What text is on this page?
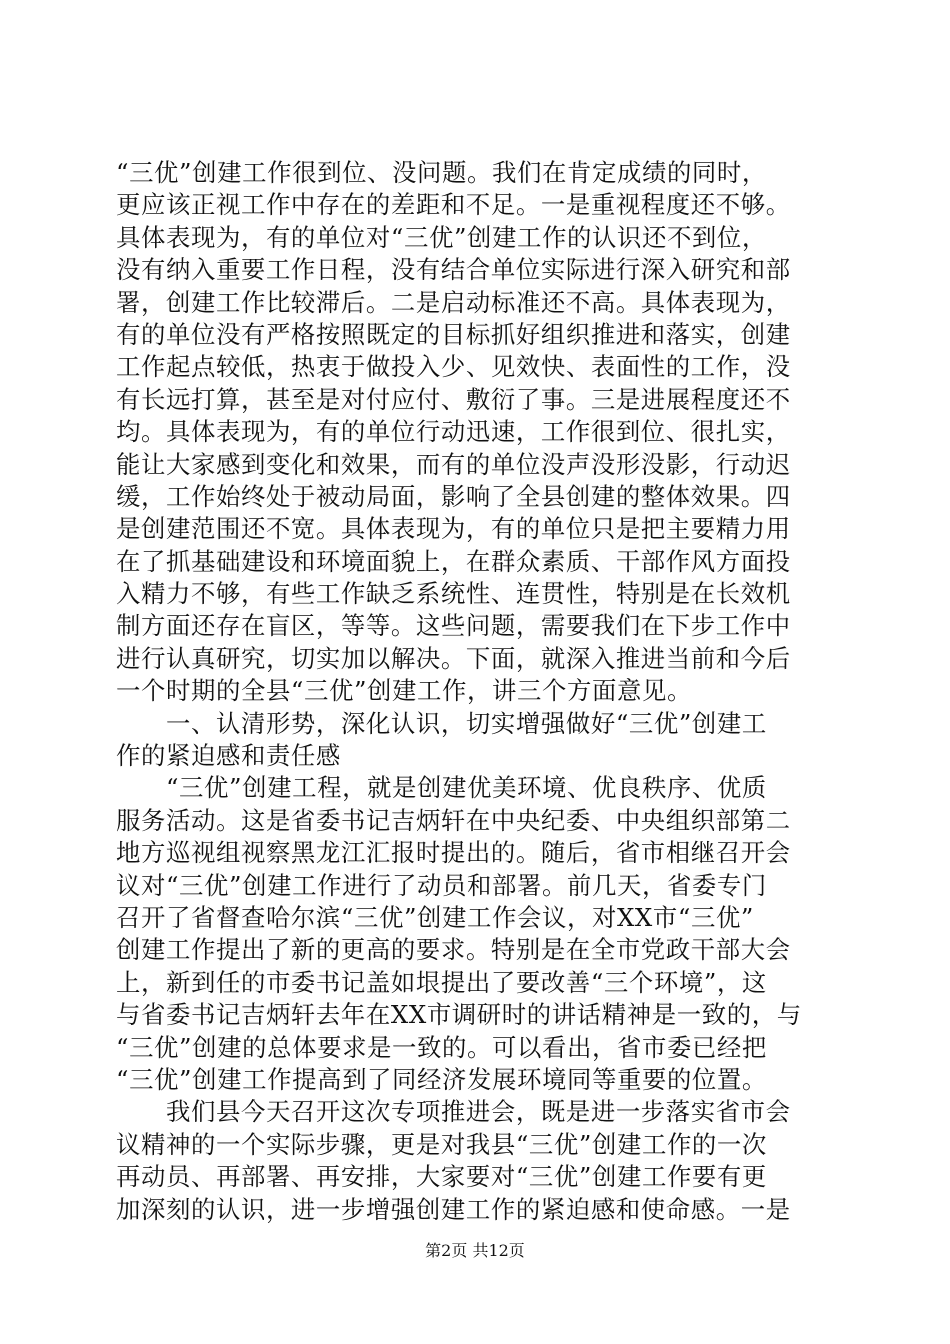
“三优”创建工作很到位、没问题。我们在肯定成绩的同时，
更应该正视工作中存在的差距和不足。一是重视程度还不够。
具体表现为，有的单位对“三优”创建工作的认识还不到位，
没有纳入重要工作日程，没有结合单位实际进行深入研究和部
署，创建工作比较滞后。二是启动标准还不高。具体表现为，
有的单位没有严格按照既定的目标抓好组织推进和落实，创建
工作起点较低，热衷于做投入少、见效快、表面性的工作，没
有长远打算，甚至是对付应付、敷衍了事。三是进展程度还不
均。具体表现为，有的单位行动迅速，工作很到位、很扎实，
能让大家感到变化和效果，而有的单位没声没形没影，行动迟
缓，工作始终处于被动局面，影响了全县创建的整体效果。四
是创建范围还不宽。具体表现为，有的单位只是把主要精力用
在了抓基础建设和环境面貌上，在群众素质、干部作风方面投
入精力不够，有些工作缺乏系统性、连贯性，特别是在长效机
制方面还存在盲区，等等。这些问题，需要我们在下步工作中
进行认真研究，切实加以解决。下面，就深入推进当前和今后
一个时期的全县“三优”创建工作，讲三个方面意见。
　　一、认清形势，深化认识，切实增强做好“三优”创建工
作的紧迫感和责任感
　　“三优”创建工程，就是创建优美环境、优良秩序、优质
服务活动。这是省委书记吉炳轩在中央纪委、中央组织部第二
地方巡视组视察黑龙江汇报时提出的。随后，省市相继召开会
议对“三优”创建工作进行了动员和部署。前几天，省委专门
召开了省督查哈尔滨“三优”创建工作会议，对XX市“三优”
创建工作提出了新的更高的要求。特别是在全市党政干部大会
上，新到任的市委书记盖如垠提出了要改善“三个环境”，这
与省委书记吉炳轩去年在XX市调研时的讲话精神是一致的，与
“三优”创建的总体要求是一致的。可以看出，省市委已经把
“三优”创建工作提高到了同经济发展环境同等重要的位置。
　　我们县今天召开这次专项推进会，既是进一步落实省市会
议精神的一个实际步骤，更是对我县“三优”创建工作的一次
再动员、再部署、再安排，大家要对“三优”创建工作要有更
加深刻的认识，进一步增强创建工作的紧迫感和使命感。一是
第2页 共12页
